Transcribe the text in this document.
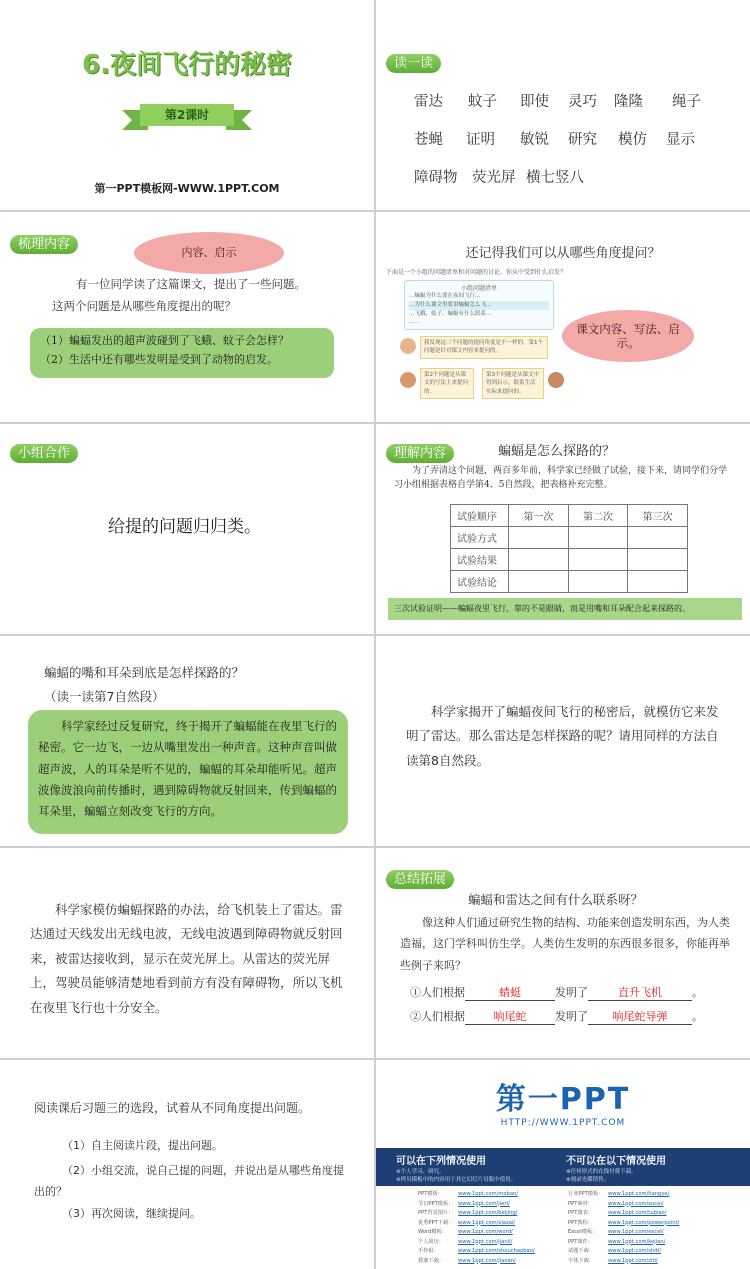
6.夜间飞行的秘密
第2课时
第一PPT模板网-WWW.1PPT.COM
读一读
雷达 蚊子 即使 灵巧 隆隆 绳子
苍蝇 证明 敏锐 研究 模仿 显示
障碍物 荧光屏 横七竖八
梳理内容
内容、启示
有一位同学读了这篇课文，提出了一些问题。
这两个问题是从哪些角度提出的呢？
（1）蝙蝠发出的超声波碰到了飞蛾、蚊子会怎样？
（2）生活中还有哪些发明是受到了动物的启发。
还记得我们可以从哪些角度提问？
下面是一个小组的问题清单和对问题的讨论，你从中受到什么启发？
小组问题清单
…蝙蝠为什么要在夜间飞行…
…为什么课文里要讲蝙蝠怎么飞…
…飞蛾、蚊子、蝙蝠有什么联系…
……
我发现这三个问题的提问角度是不一样的。第1个问题是针对课文内容来提问的。
第2个问题是从课文的写法上来提问的。
第3个问题是从课文中得到启示，联系生活实际来提问的。
课文内容、写法、启示。
小组合作
给提的问题归归类。
理解内容	蝙蝠是怎么探路的？
为了弄清这个问题，两百多年前，科学家已经做了试验，接下来，请同学们分学习小组根据表格自学第4、5自然段，把表格补充完整。
试验顺序	第一次	第二次	第三次
试验方式			
试验结果			
试验结论			
三次试验证明——蝙蝠夜里飞行，靠的不是眼睛，而是用嘴和耳朵配合起来探路的。
蝙蝠的嘴和耳朵到底是怎样探路的？
（读一读第7自然段）
科学家经过反复研究，终于揭开了蝙蝠能在夜里飞行的秘密。它一边飞，一边从嘴里发出一种声音。这种声音叫做超声波，人的耳朵是听不见的，蝙蝠的耳朵却能听见。超声波像波浪向前传播时，遇到障碍物就反射回来，传到蝙蝠的耳朵里，蝙蝠立刻改变飞行的方向。
科学家揭开了蝙蝠夜间飞行的秘密后，就模仿它来发明了雷达。那么雷达是怎样探路的呢？请用同样的方法自读第8自然段。
科学家模仿蝙蝠探路的办法，给飞机装上了雷达。雷达通过天线发出无线电波，无线电波遇到障碍物就反射回来，被雷达接收到，显示在荧光屏上。从雷达的荧光屏上，驾驶员能够清楚地看到前方有没有障碍物，所以飞机在夜里飞行也十分安全。
总结拓展
蝙蝠和雷达之间有什么联系呀？
像这种人们通过研究生物的结构、功能来创造发明东西，为人类造福，这门学科叫仿生学。人类仿生发明的东西很多很多，你能再举些例子来吗？
①人们根据	蜻蜓	发明了	直升飞机	。
②人们根据	响尾蛇	发明了 响尾蛇导弹 。
阅读课后习题三的选段，试着从不同角度提出问题。
（1）自主阅读片段，提出问题。
（2）小组交流，说自己提的问题，并说出是从哪些角度提出的？
（3）再次阅读，继续提问。
第一PPT
HTTP://WWW.1PPT.COM
可以在下列情况使用
※个人学习、研究。
※拷贝模板中的内容用于其它幻灯片母版中使用。
不可以在以下情况使用
※任何形式的在线付费下载。
※刻录光碟销售。
PPT模板：	www.1ppt.com/moban/
节日PPT模板： www.1ppt.com/jieri/
PPT背景图片： www.1ppt.com/beijing/
优秀PPT下载： www.1ppt.com/xiazai/
Word模板： www.1ppt.com/word/
个人简历：	www.1ppt.com/jianli/
手抄报：	www.1ppt.com/shouchaobao/
教案下载：	www.1ppt.com/jiaoan/
行业PPT模板： www.1ppt.com/hangye/
PPT素材：	www.1ppt.com/sucai/
PPT图表：	www.1ppt.com/tubiao/
PPT教程：	www.1ppt.com/powerpoint/
Excel模板： www.1ppt.com/excel/
PPT课件：	www.1ppt.com/kejian/
试题下载：	www.1ppt.com/shiti/
字体下载：	www.1ppt.com/ziti/
